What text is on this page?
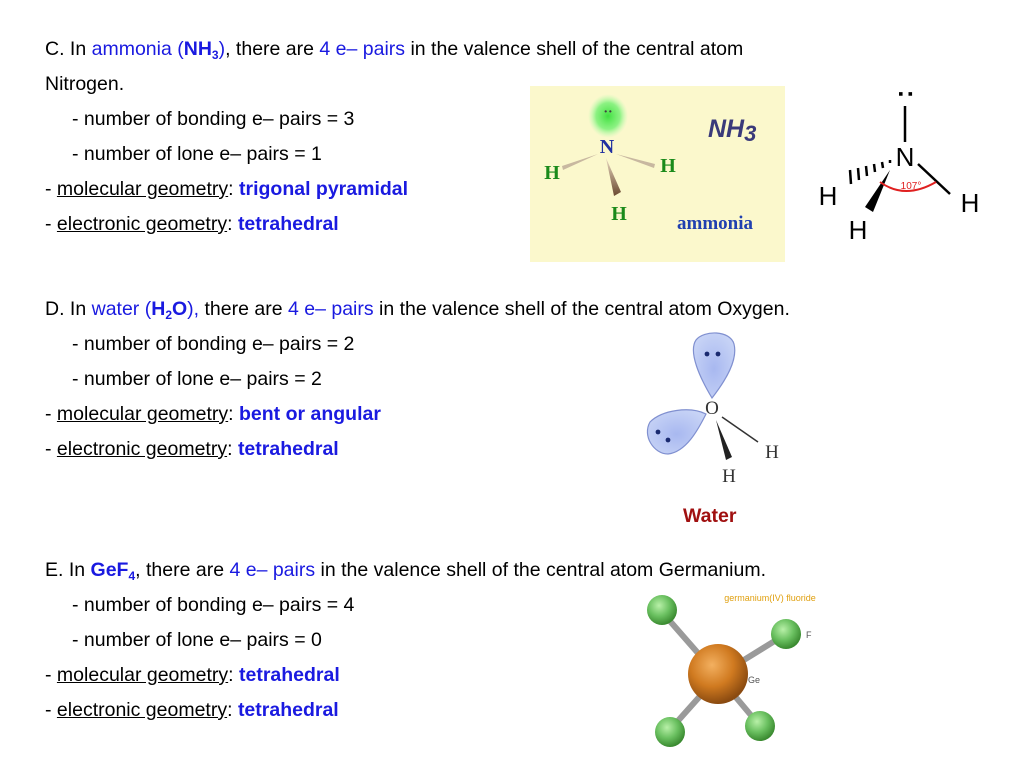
C. In ammonia $(NH_3)$, there are 4 e– pairs in the valence shell of the central atom
Nitrogen.
- number of bonding e– pairs = 3
- number of lone e– pairs = 1
- molecular geometry: trigonal pyramidal
- electronic geometry: tetrahedral
D. In water $(H_2O)$, there are 4 e– pairs in the valence shell of the central atom Oxygen.
- number of bonding e– pairs = 2
- number of lone e– pairs = 2
- molecular geometry: bent or angular
- electronic geometry: tetrahedral
E. In GeF$_4$, there are 4 e– pairs in the valence shell of the central atom Germanium.
- number of bonding e– pairs = 4
- number of lone e– pairs = 0
- molecular geometry: tetrahedral
- electronic geometry: tetrahedral
··
N
H	H
H
NH3
ammonia
:
N
107°
H	H
H
O
H
H
Water
germanium(IV) fluoride
F
Ge
